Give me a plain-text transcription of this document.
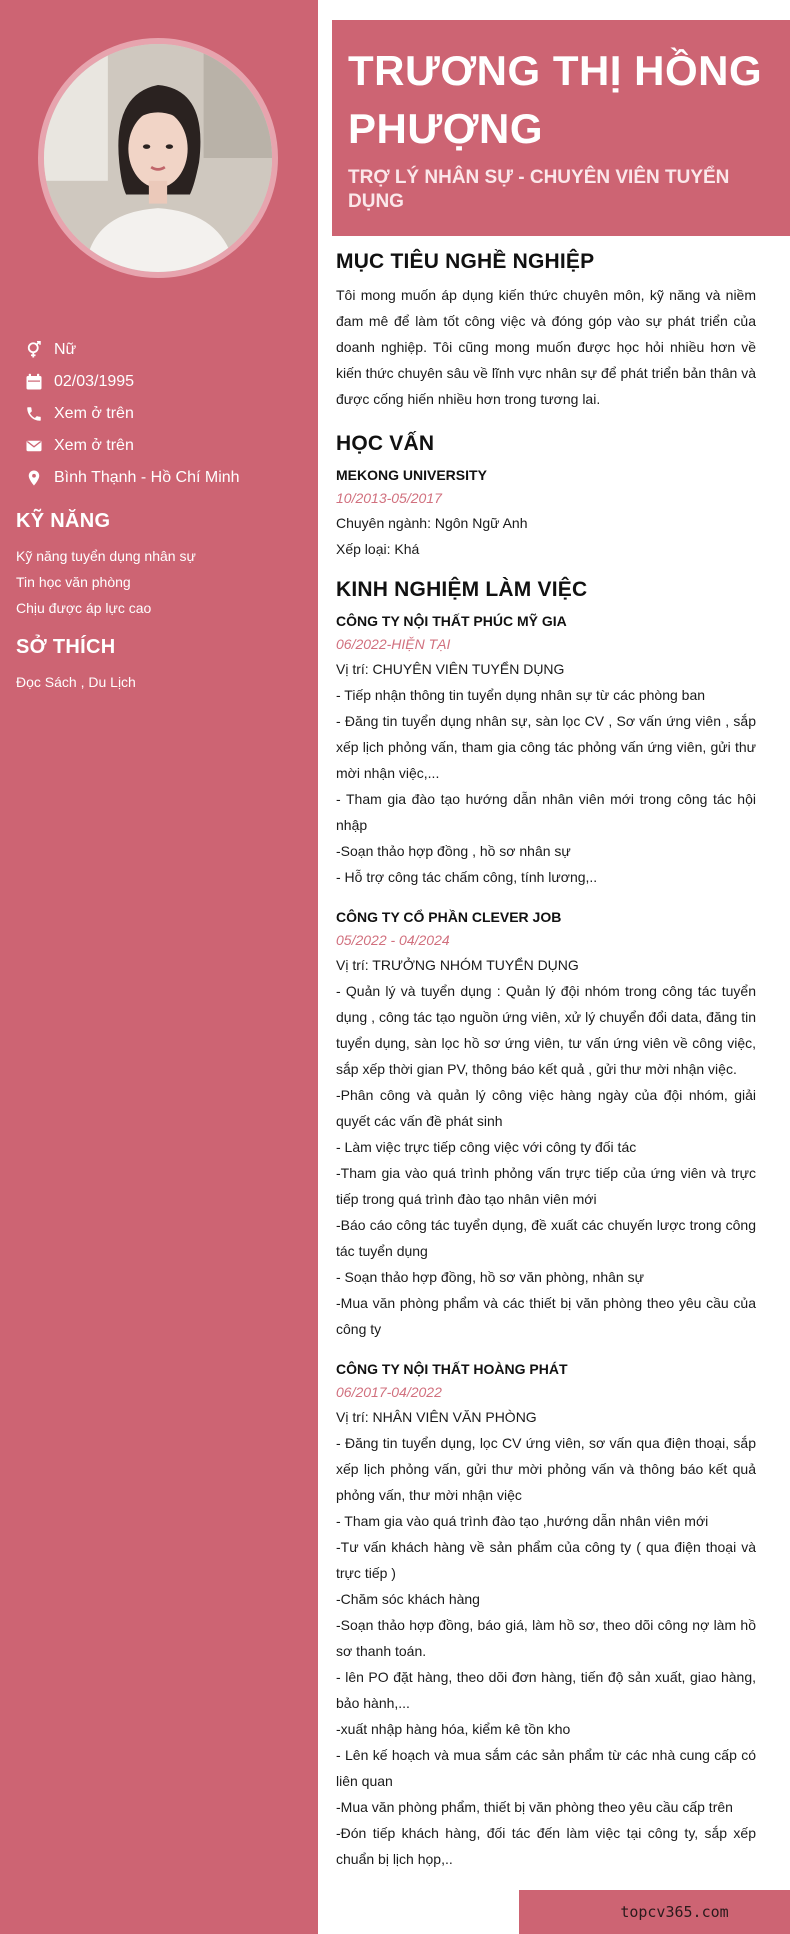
Nữ
02/03/1995
Xem ở trên
Xem ở trên
Bình Thạnh - Hồ Chí Minh
KỸ NĂNG
Kỹ năng tuyển dụng nhân sự
Tin học văn phòng
Chịu được áp lực cao
SỞ THÍCH
Đọc Sách , Du Lịch
TRƯƠNG THỊ HỒNG PHƯỢNG
TRỢ LÝ NHÂN SỰ - CHUYÊN VIÊN TUYỂN DỤNG
MỤC TIÊU NGHỀ NGHIỆP
Tôi mong muốn áp dụng kiến thức chuyên môn, kỹ năng và niềm đam mê để làm tốt công việc và đóng góp vào sự phát triển của doanh nghiệp. Tôi cũng mong muốn được học hỏi nhiều hơn về kiến thức chuyên sâu về lĩnh vực nhân sự để phát triển bản thân và được cống hiến nhiều hơn trong tương lai.
HỌC VẤN
MEKONG UNIVERSITY
10/2013-05/2017
Chuyên ngành: Ngôn Ngữ Anh
Xếp loại: Khá
KINH NGHIỆM LÀM VIỆC
CÔNG TY NỘI THẤT PHÚC MỸ GIA
06/2022-HIỆN TẠI
Vị trí: CHUYÊN VIÊN TUYỂN DỤNG
- Tiếp nhận thông tin tuyển dụng nhân sự từ các phòng ban
- Đăng tin tuyển dụng nhân sự, sàn lọc CV , Sơ vấn ứng viên , sắp xếp lịch phỏng vấn, tham gia công tác phỏng vấn ứng viên, gửi thư mời nhận việc,...
- Tham gia đào tạo hướng dẫn nhân viên mới trong công tác hội nhập
-Soạn thảo hợp đồng , hồ sơ nhân sự
- Hỗ trợ công tác chấm công, tính lương,..
CÔNG TY CỔ PHẦN CLEVER JOB
05/2022 - 04/2024
Vị trí: TRƯỞNG NHÓM TUYỂN DỤNG
- Quản lý và tuyển dụng : Quản lý đội nhóm trong công tác tuyển dụng , công tác tạo nguồn ứng viên, xử lý chuyển đổi data, đăng tin tuyển dụng, sàn lọc hồ sơ ứng viên, tư vấn ứng viên về công việc, sắp xếp thời gian PV, thông báo kết quả , gửi thư mời nhận việc.
-Phân công và quản lý công việc hàng ngày của đội nhóm, giải quyết các vấn đề phát sinh
- Làm việc trực tiếp công việc với công ty đối tác
-Tham gia vào quá trình phỏng vấn trực tiếp của ứng viên và trực tiếp trong quá trình đào tạo nhân viên mới
-Báo cáo công tác tuyển dụng, đề xuất các chuyến lược trong công tác tuyển dụng
- Soạn thảo hợp đồng, hồ sơ văn phòng, nhân sự
-Mua văn phòng phẩm và các thiết bị văn phòng theo yêu cầu của công ty
CÔNG TY NỘI THẤT HOÀNG PHÁT
06/2017-04/2022
Vị trí: NHÂN VIÊN VĂN PHÒNG
- Đăng tin tuyển dụng, lọc CV ứng viên, sơ vấn qua điện thoại, sắp xếp lịch phỏng vấn, gửi thư mời phỏng vấn và thông báo kết quả phỏng vấn, thư mời nhận việc
- Tham gia vào quá trình đào tạo ,hướng dẫn nhân viên mới
-Tư vấn khách hàng về sản phẩm của công ty ( qua điện thoại và trực tiếp )
-Chăm sóc khách hàng
-Soạn thảo hợp đồng, báo giá, làm hồ sơ, theo dõi công nợ làm hồ sơ thanh toán.
- lên PO đặt hàng, theo dõi đơn hàng, tiến độ sản xuất, giao hàng, bảo hành,...
-xuất nhập hàng hóa, kiểm kê tồn kho
- Lên kế hoạch và mua sắm các sản phẩm từ các nhà cung cấp có liên quan
-Mua văn phòng phẩm, thiết bị văn phòng theo yêu cầu cấp trên
-Đón tiếp khách hàng, đối tác đến làm việc tại công ty, sắp xếp chuẩn bị lịch họp,..
topcv365.com
